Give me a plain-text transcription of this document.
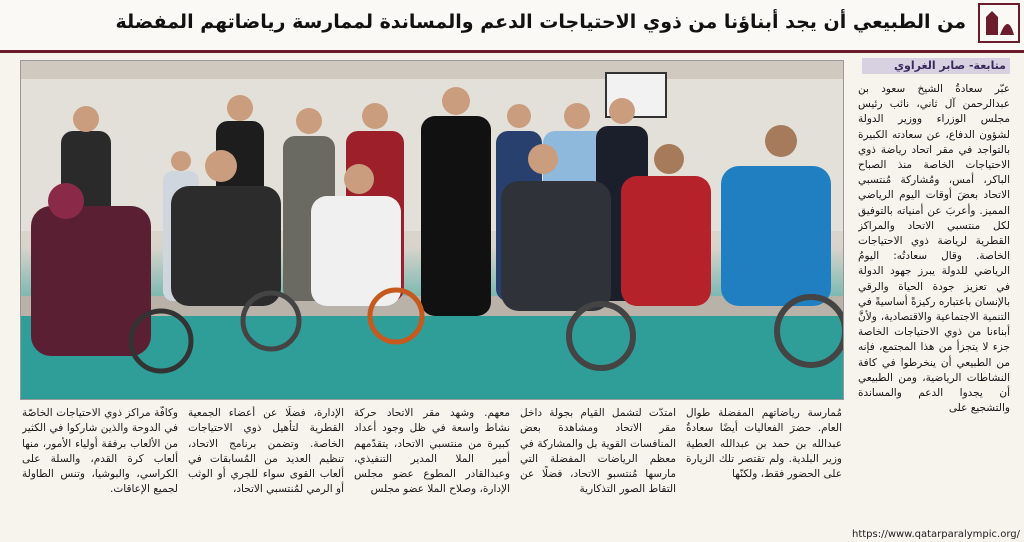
من الطبيعي أن يجد أبناؤنا من ذوي الاحتياجات الدعم والمساندة لممارسة رياضاتهم المفضلة
متابعة- صابر الغراوي
عبّر سعادةُ الشيخ سعود بن عبدالرحمن آل ثاني، نائب رئيس مجلس الوزراء ووزير الدولة لشؤون الدفاع، عن سعادته الكبيرة بالتواجد في مقر اتحاد رياضة ذوي الاحتياجات الخاصة منذ الصباح الباكر، أمس، ومُشاركة مُنتسبي الاتحاد بعضَ أوقات اليوم الرياضي المميز. وأعربَ عن أمنياته بالتوفيق لكل منتسبي الاتحاد والمراكز القطرية لرياضة ذوي الاحتياجات الخاصة. وقال سعادتُه: اليومُ الرياضي للدولة يبرز جهود الدولة في تعزيز جودة الحياة والرقي بالإنسان باعتباره ركيزةً أساسيةً في التنمية الاجتماعية والاقتصادية، ولأنَّ أبناءنا من ذوي الاحتياجات الخاصة جزء لا يتجزأ من هذا المجتمع، فإنه من الطبيعي أن ينخرطوا في كافة النشاطات الرياضية، ومن الطبيعي أن يجدوا الدعم والمساندة والتشجيع على
مُمارسة رياضاتهم المفضلة طوال العام. حضرَ الفعاليات أيضًا سعادةُ عبدالله بن حمد بن عبدالله العطية وزير البلدية. ولم تقتصر تلك الزيارة على الحضور فقط، ولكنّها
امتدّت لتشمل القيام بجولة داخل مقر الاتحاد ومشاهدة بعض المنافسات القوية بل والمشاركة في معظم الرياضات المفضلة التي مارسها مُنتسبو الاتحاد، فضلًا عن التقاط الصور التذكارية
معهم. وشهد مقر الاتحاد حركة نشاط واسعة في ظل وجود أعداد كبيرة من منتسبي الاتحاد، يتقدّمهم أمير الملا المدير التنفيذي، وعبدالقادر المطوع عضو مجلس الإدارة، وصلاح الملا عضو مجلس
الإدارة، فضلًا عن أعضاء الجمعية القطرية لتأهيل ذوي الاحتياجات الخاصة. وتضمن برنامج الاتحاد، تنظيم العديد من المُسابقات في ألعاب القوى سواء للجري أو الوثب أو الرمي لمُنتسبي الاتحاد،
وكافّة مراكز ذوي الاحتياجات الخاصّة في الدوحة والذين شاركوا في الكثير من الألعاب برفقة أولياء الأمور، منها ألعاب كرة القدم، والسلة على الكراسي، والبوشيا، وتنس الطاولة لجميع الإعاقات.
https://www.qatarparalympic.org/
